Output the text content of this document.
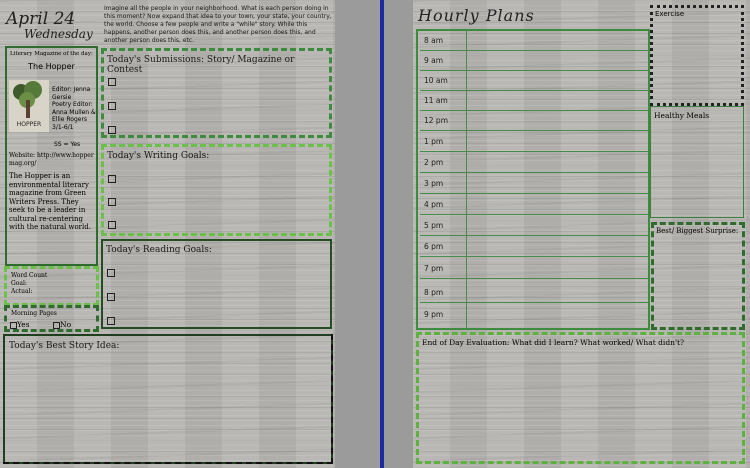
April 24
Wednesday
Imagine all the people in your neighborhood. What is each person doing in this moment? Now expand that idea to your town, your state, your country, the world. Choose a few people and write a "while" story. While this happens, another person does this, and another person does this, and another person does this, etc.
Literary Magazine of the day:
The Hopper
HOPPER
Editor: Jenna
Gersie
Poetry Editor:
Anna Mullen &
Ellie Rogers
3/1-6/1
SS = Yes
Website: http://www.hopper mag.org/
The Hopper is an environmental literary magazine from Green Writers Press. They seek to be a leader in cultural re-centering with the natural world.
Word Count
Goal:
Actual:
Morning Pages
Yes	No
Today's Submissions: Story/ Magazine or Contest
Today's Writing Goals:
Today's Reading Goals:
Today's Best Story Idea:
Hourly Plans
8 am
9 am
10 am
11 am
12 pm
1 pm
2 pm
3 pm
4 pm
5 pm
6 pm
7 pm
8 pm
9 pm
Exercise
Healthy Meals
Best/ Biggest Surprise:
End of Day Evaluation: What did I learn? What worked/ What didn't?
